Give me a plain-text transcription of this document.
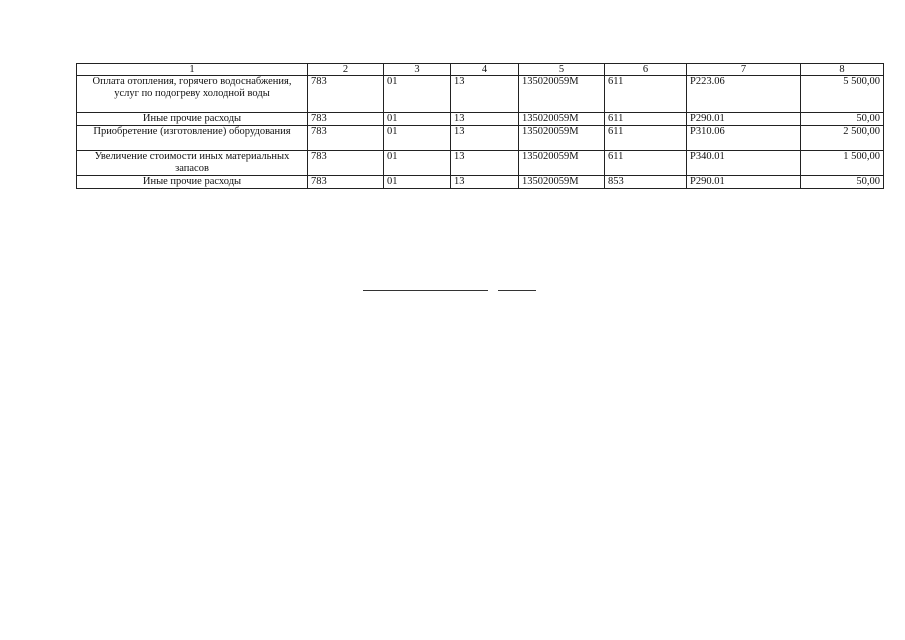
1	2	3	4	5	6	7	8
Оплата отопления, горячего водоснабжения, услуг по подогреву холодной воды	783	01	13	135020059M	611	P223.06	5 500,00
Иные прочие расходы	783	01	13	135020059M	611	P290.01	50,00
Приобретение (изготовление) оборудования	783	01	13	135020059M	611	P310.06	2 500,00
Увеличение стоимости иных материальных запасов	783	01	13	135020059M	611	P340.01	1 500,00
Иные прочие расходы	783	01	13	135020059M	853	P290.01	50,00
